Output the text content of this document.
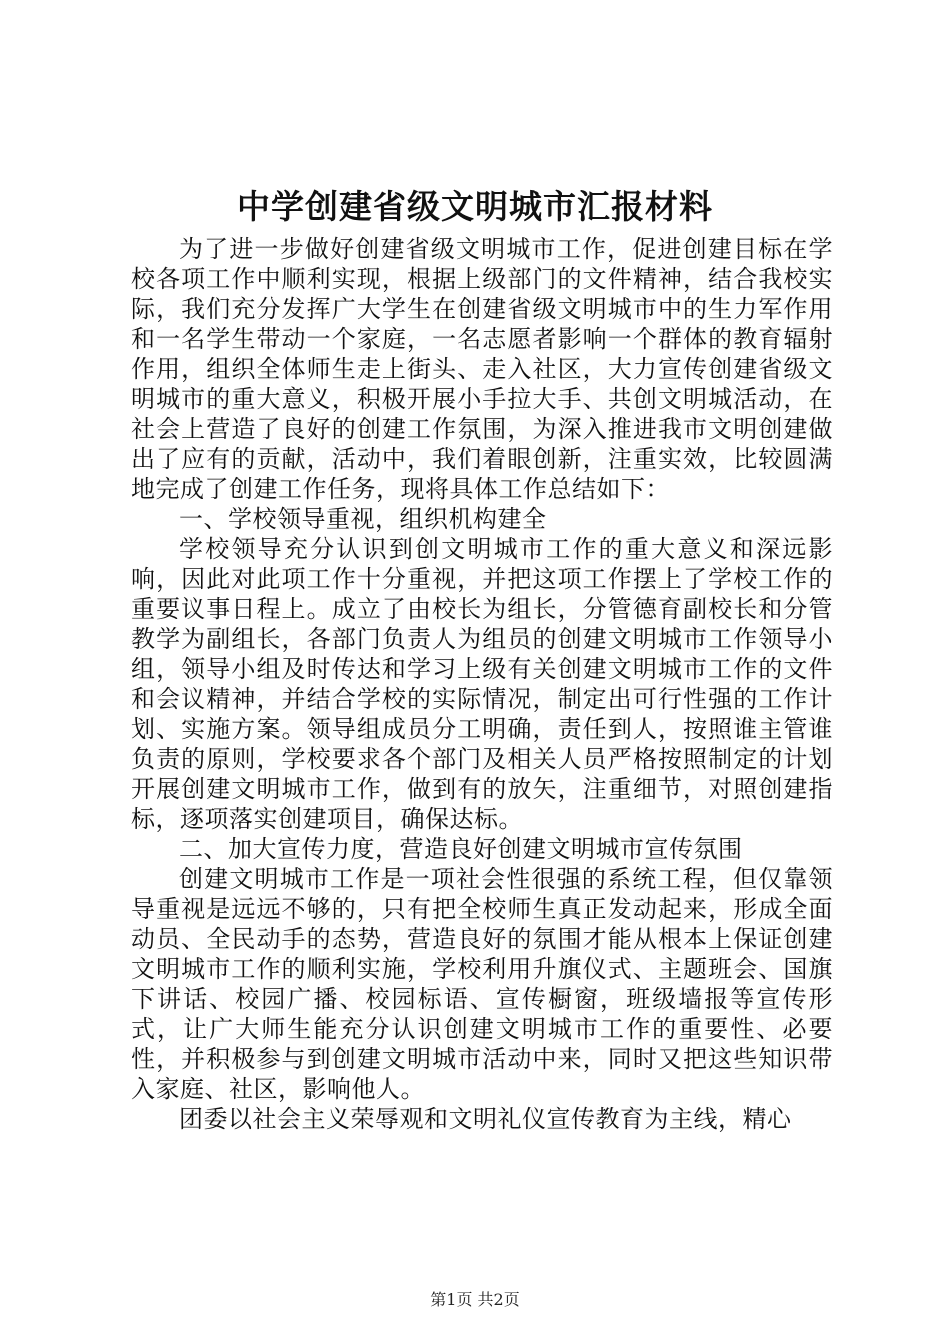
中学创建省级文明城市汇报材料

为了进一步做好创建省级文明城市工作，促进创建目标在学校各项工作中顺利实现，根据上级部门的文件精神，结合我校实际，我们充分发挥广大学生在创建省级文明城市中的生力军作用和一名学生带动一个家庭，一名志愿者影响一个群体的教育辐射作用，组织全体师生走上街头、走入社区，大力宣传创建省级文明城市的重大意义，积极开展小手拉大手、共创文明城活动，在社会上营造了良好的创建工作氛围，为深入推进我市文明创建做出了应有的贡献，活动中，我们着眼创新，注重实效，比较圆满地完成了创建工作任务，现将具体工作总结如下：

一、学校领导重视，组织机构建全

学校领导充分认识到创文明城市工作的重大意义和深远影响，因此对此项工作十分重视，并把这项工作摆上了学校工作的重要议事日程上。成立了由校长为组长，分管德育副校长和分管教学为副组长，各部门负责人为组员的创建文明城市工作领导小组，领导小组及时传达和学习上级有关创建文明城市工作的文件和会议精神，并结合学校的实际情况，制定出可行性强的工作计划、实施方案。领导组成员分工明确，责任到人，按照谁主管谁负责的原则，学校要求各个部门及相关人员严格按照制定的计划开展创建文明城市工作，做到有的放矢，注重细节，对照创建指标，逐项落实创建项目，确保达标。

二、加大宣传力度，营造良好创建文明城市宣传氛围

创建文明城市工作是一项社会性很强的系统工程，但仅靠领导重视是远远不够的，只有把全校师生真正发动起来，形成全面动员、全民动手的态势，营造良好的氛围才能从根本上保证创建文明城市工作的顺利实施，学校利用升旗仪式、主题班会、国旗下讲话、校园广播、校园标语、宣传橱窗，班级墙报等宣传形式，让广大师生能充分认识创建文明城市工作的重要性、必要性，并积极参与到创建文明城市活动中来，同时又把这些知识带入家庭、社区，影响他人。

团委以社会主义荣辱观和文明礼仪宣传教育为主线，精心

第1页 共2页
